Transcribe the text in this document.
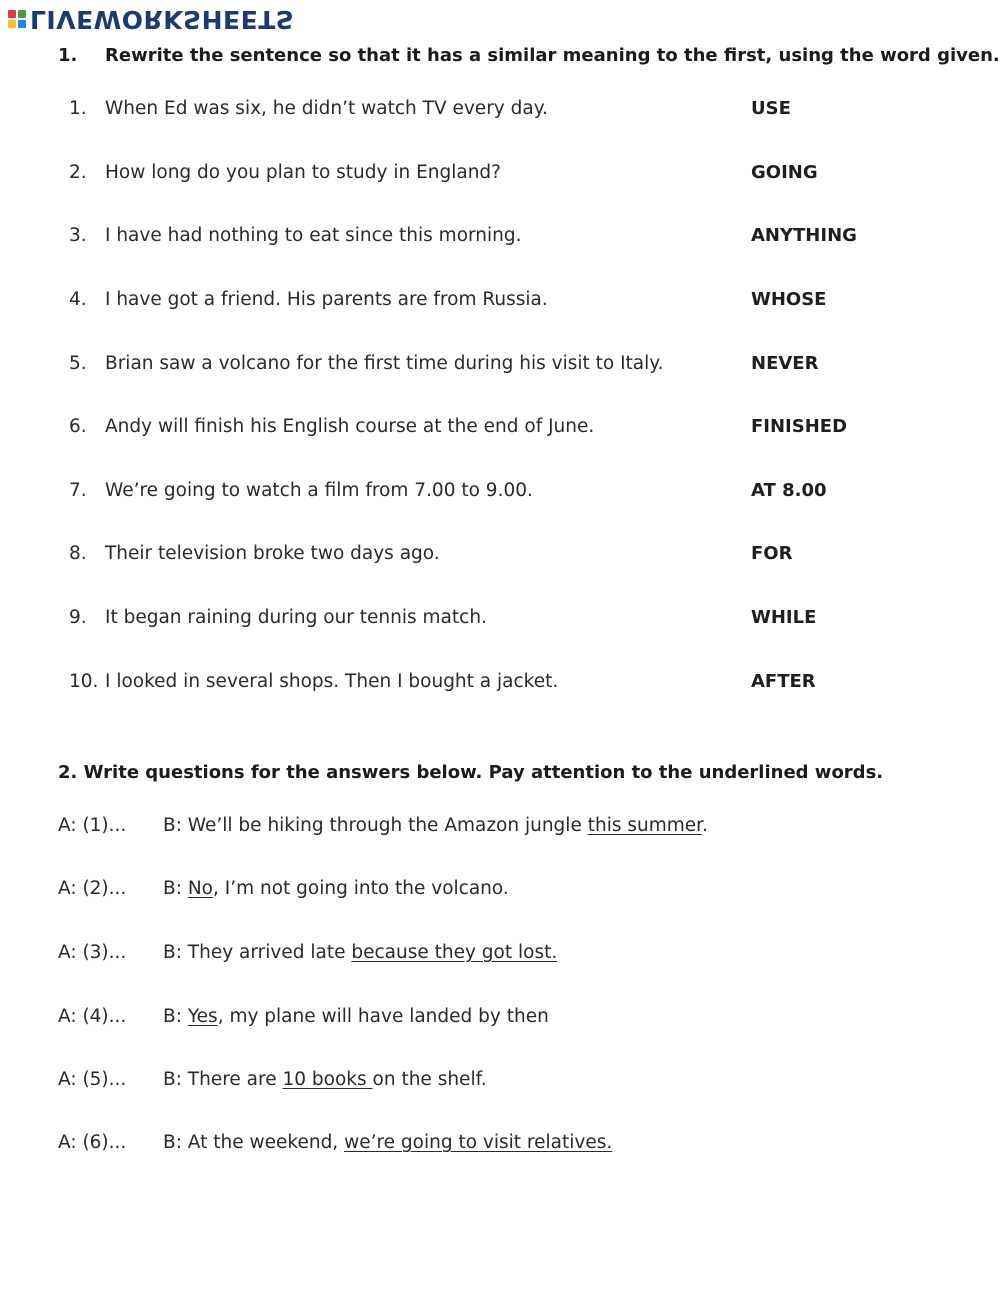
LIVEWORKSHEETS
1. Rewrite the sentence so that it has a similar meaning to the first, using the word given.
1. When Ed was six, he didn’t watch TV every day.	USE
2. How long do you plan to study in England?	GOING
3. I have had nothing to eat since this morning.	ANYTHING
4. I have got a friend. His parents are from Russia.	WHOSE
5. Brian saw a volcano for the first time during his visit to Italy.	NEVER
6. Andy will finish his English course at the end of June.	FINISHED
7. We’re going to watch a film from 7.00 to 9.00.	AT 8.00
8. Their television broke two days ago.	FOR
9. It began raining during our tennis match.	WHILE
10. I looked in several shops. Then I bought a jacket.	AFTER
2. Write questions for the answers below. Pay attention to the underlined words.
A: (1)... B: We’ll be hiking through the Amazon jungle this summer.
A: (2)... B: No, I’m not going into the volcano.
A: (3)... B: They arrived late because they got lost.
A: (4)... B: Yes, my plane will have landed by then
A: (5)... B: There are 10 books on the shelf.
A: (6)... B: At the weekend, we’re going to visit relatives.
